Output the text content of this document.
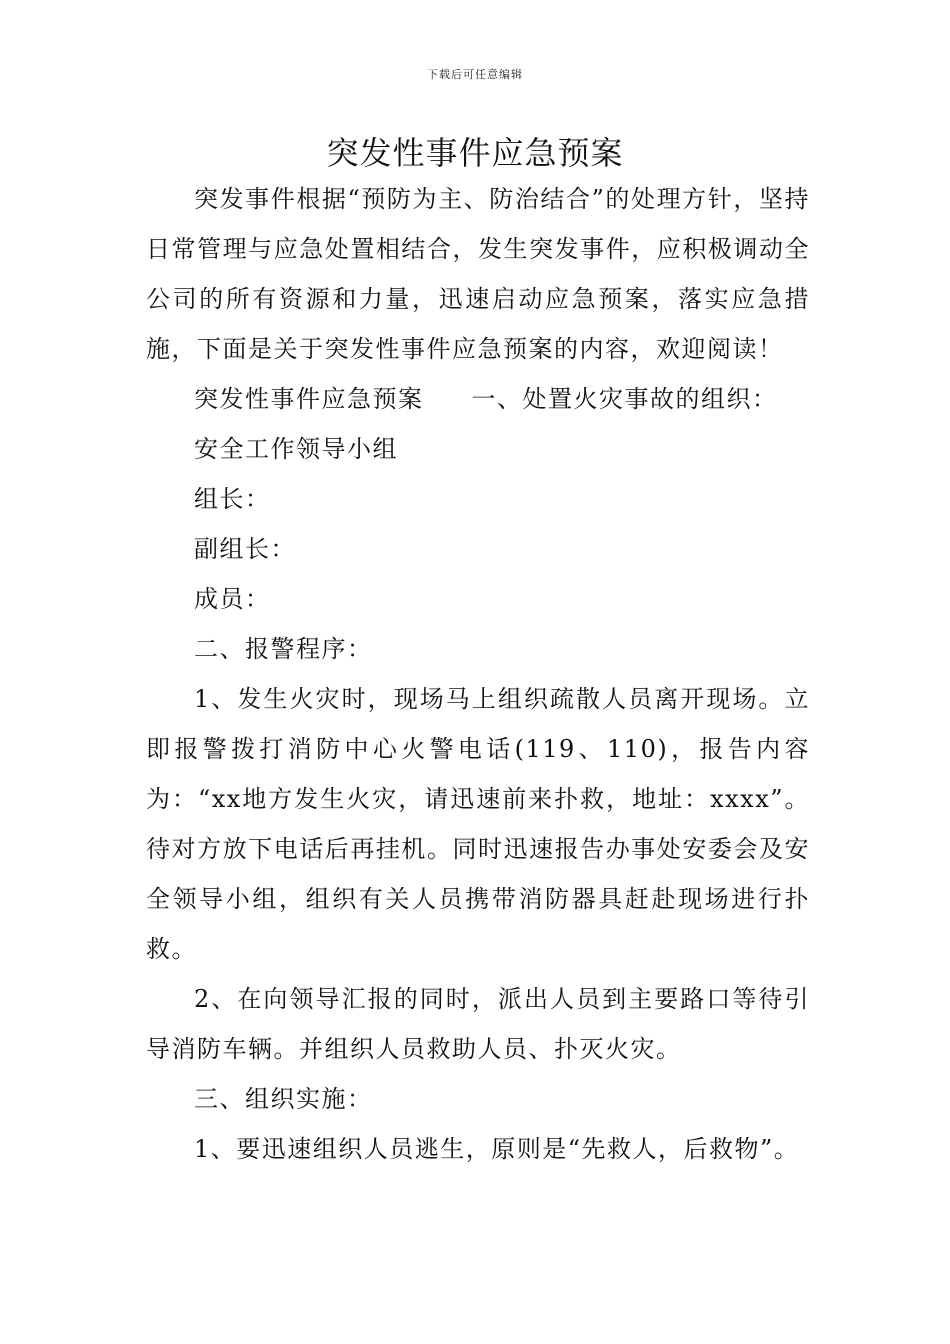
下载后可任意编辑
突发性事件应急预案

突发事件根据“预防为主、防治结合”的处理方针，坚持日常管理与应急处置相结合，发生突发事件，应积极调动全公司的所有资源和力量，迅速启动应急预案，落实应急措施，下面是关于突发性事件应急预案的内容，欢迎阅读！

突发性事件应急预案 一、处置火灾事故的组织：

安全工作领导小组

组长：

副组长：

成员：

二、报警程序：

1、发生火灾时，现场马上组织疏散人员离开现场。立即报警拨打消防中心火警电话(119、110)，报告内容为：“xx地方发生火灾，请迅速前来扑救，地址：xxxx”。待对方放下电话后再挂机。同时迅速报告办事处安委会及安全领导小组，组织有关人员携带消防器具赶赴现场进行扑救。

2、在向领导汇报的同时，派出人员到主要路口等待引导消防车辆。并组织人员救助人员、扑灭火灾。

三、组织实施：

1、要迅速组织人员逃生，原则是“先救人，后救物”。
